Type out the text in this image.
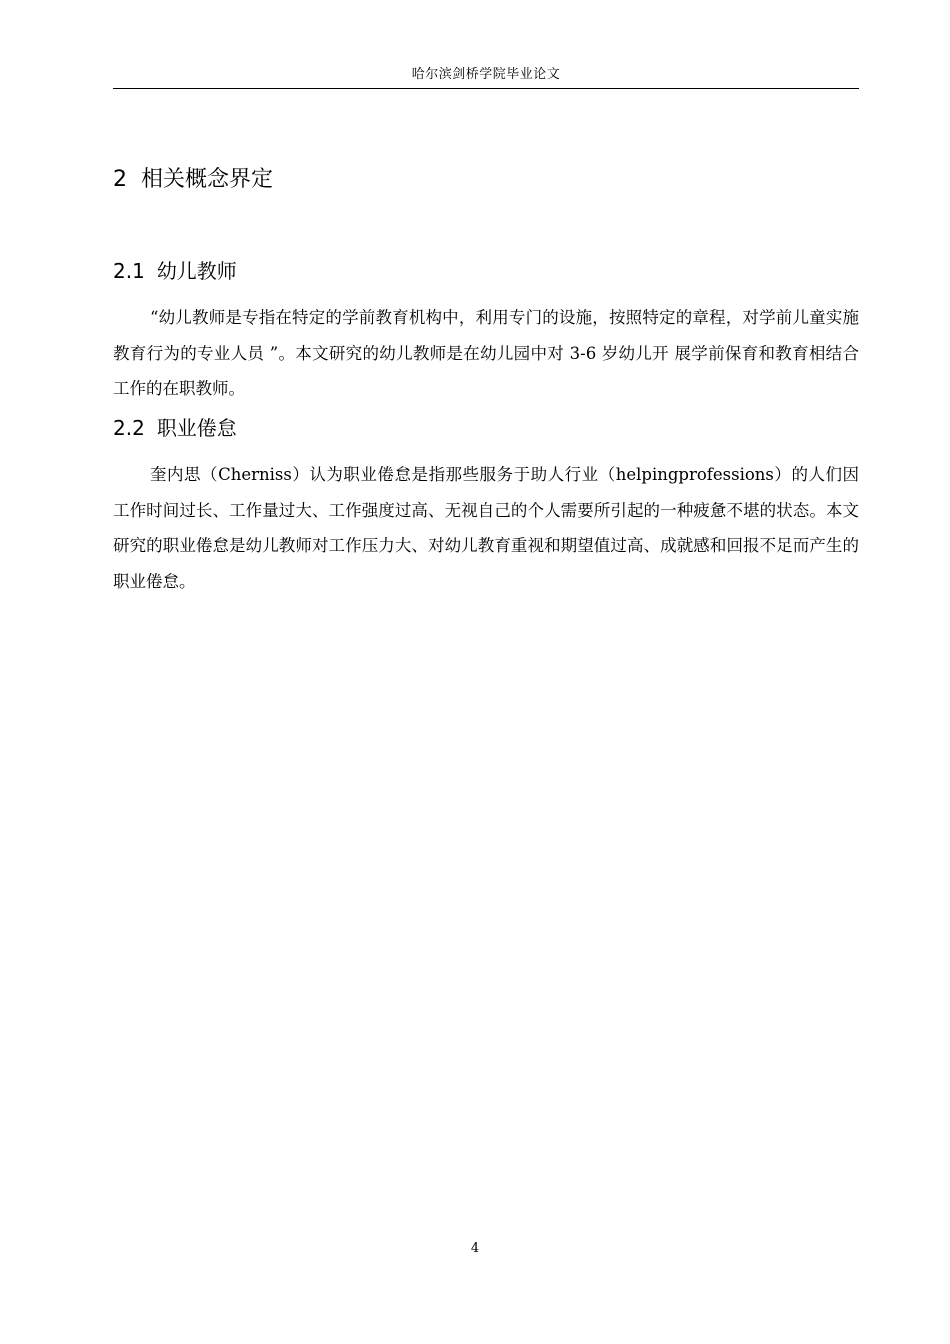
哈尔滨剑桥学院毕业论文
2 相关概念界定
2.1 幼儿教师

“幼儿教师是专指在特定的学前教育机构中，利用专门的设施，按照特定的章程，对学前儿童实施教育行为的专业人员 ”。本文研究的幼儿教师是在幼儿园中对 3-6 岁幼儿开 展学前保育和教育相结合工作的在职教师。

2.2 职业倦怠

奎内思（Cherniss）认为职业倦怠是指那些服务于助人行业（helpingprofessions）的人们因工作时间过长、工作量过大、工作强度过高、无视自己的个人需要所引起的一种疲惫不堪的状态。本文研究的职业倦怠是幼儿教师对工作压力大、对幼儿教育重视和期望值过高、成就感和回报不足而产生的职业倦怠。

4
